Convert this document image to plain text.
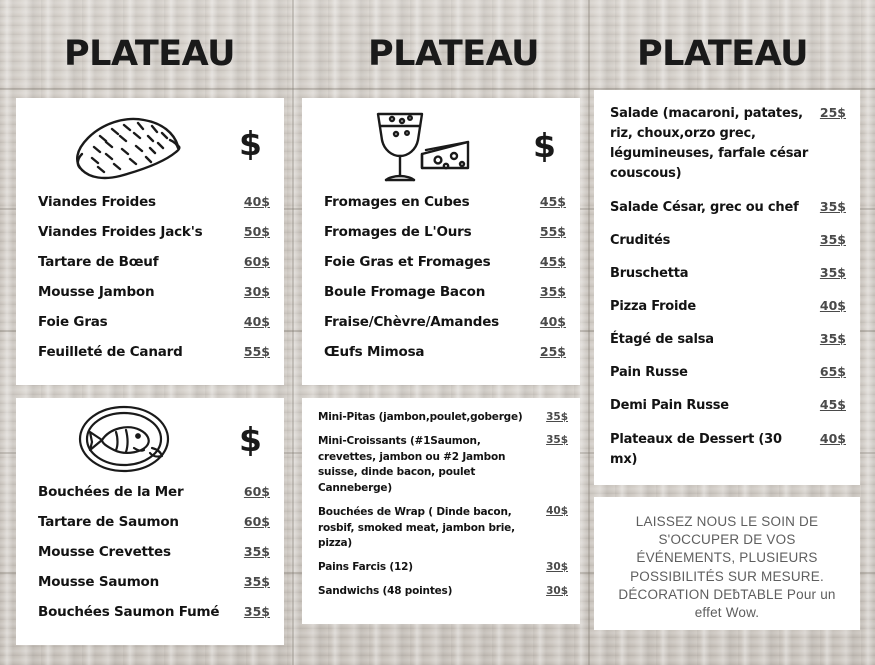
PLATEAU	PLATEAU	PLATEAU
$
Viandes Froides	40$
Viandes Froides Jack's	50$
Tartare de Bœuf	60$
Mousse Jambon	30$
Foie Gras	40$
Feuilleté de Canard	55$
$
Fromages en Cubes	45$
Fromages de L'Ours	55$
Foie Gras et Fromages	45$
Boule Fromage Bacon	35$
Fraise/Chèvre/Amandes	40$
Œufs Mimosa	25$
Salade (macaroni, patates, riz, choux,orzo grec, légumineuses, farfale césar couscous)
25$
Salade César, grec ou chef 35$
Crudités	35$
Bruschetta	35$
Pizza Froide	40$
Étagé de salsa	35$
Pain Russe	65$
Demi Pain Russe	45$
Plateaux de Dessert (30 mx)
40$
$
Bouchées de la Mer	60$
Tartare de Saumon	60$
Mousse Crevettes	35$
Mousse Saumon	35$
Bouchées Saumon Fumé 35$
Mini-Pitas (jambon,poulet,goberge) 35$
Mini-Croissants (#1Saumon, crevettes, jambon ou #2 Jambon suisse, dinde bacon, poulet Canneberge)
35$
Bouchées de Wrap ( Dinde bacon, rosbif, smoked meat, jambon brie, pizza)
40$
Pains Farcis (12)	30$
Sandwichs (48 pointes)	30$
LAISSEZ NOUS LE SOIN DE S'OCCUPER DE VOS ÉVÉNEMENTS, PLUSIEURS POSSIBILITÉS SUR MESURE. DÉCORATION DEƀTABLE Pour un effet Wow.
